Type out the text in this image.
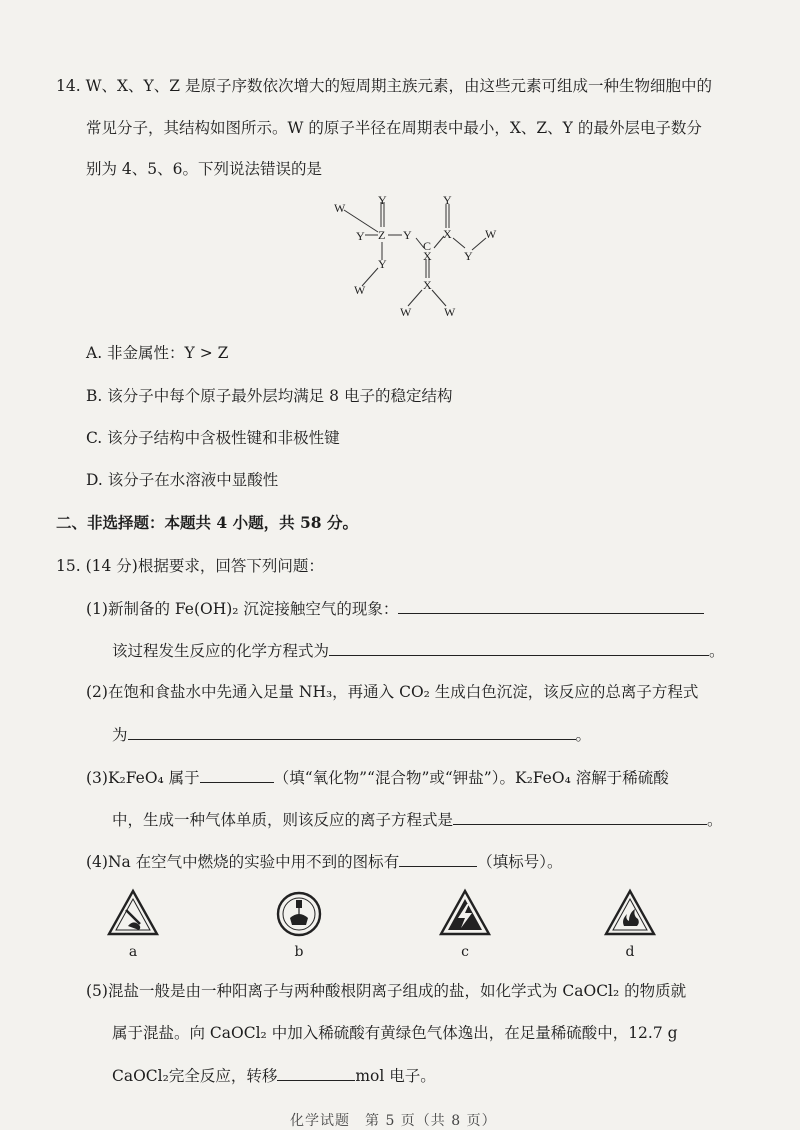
14. W、X、Y、Z 是原子序数依次增大的短周期主族元素，由这些元素可组成一种生物细胞中的
常见分子，其结构如图所示。W 的原子半径在周期表中最小，X、Z、Y 的最外层电子数分
别为 4、5、6。下列说法错误的是
W
Y
Y
Z Y
Y
W
C
Y
X
Y
W
X
X
W	W
A. 非金属性：Y > Z
B. 该分子中每个原子最外层均满足 8 电子的稳定结构
C. 该分子结构中含极性键和非极性键
D. 该分子在水溶液中显酸性
二、非选择题：本题共 4 小题，共 58 分。
15. (14 分)根据要求，回答下列问题：
(1)新制备的 Fe(OH)₂ 沉淀接触空气的现象：
该过程发生反应的化学方程式为	。
(2)在饱和食盐水中先通入足量 NH₃，再通入 CO₂ 生成白色沉淀，该反应的总离子方程式
为	。
(3)K₂FeO₄ 属于	（填“氧化物”“混合物”或“钾盐”）。K₂FeO₄ 溶解于稀硫酸
中，生成一种气体单质，则该反应的离子方程式是	。
(4)Na 在空气中燃烧的实验中用不到的图标有	（填标号）。
a	b	c	d
(5)混盐一般是由一种阳离子与两种酸根阴离子组成的盐，如化学式为 CaOCl₂ 的物质就
属于混盐。向 CaOCl₂ 中加入稀硫酸有黄绿色气体逸出，在足量稀硫酸中，12.7 g
CaOCl₂完全反应，转移	mol 电子。
化学试题　第 5 页（共 8 页）
